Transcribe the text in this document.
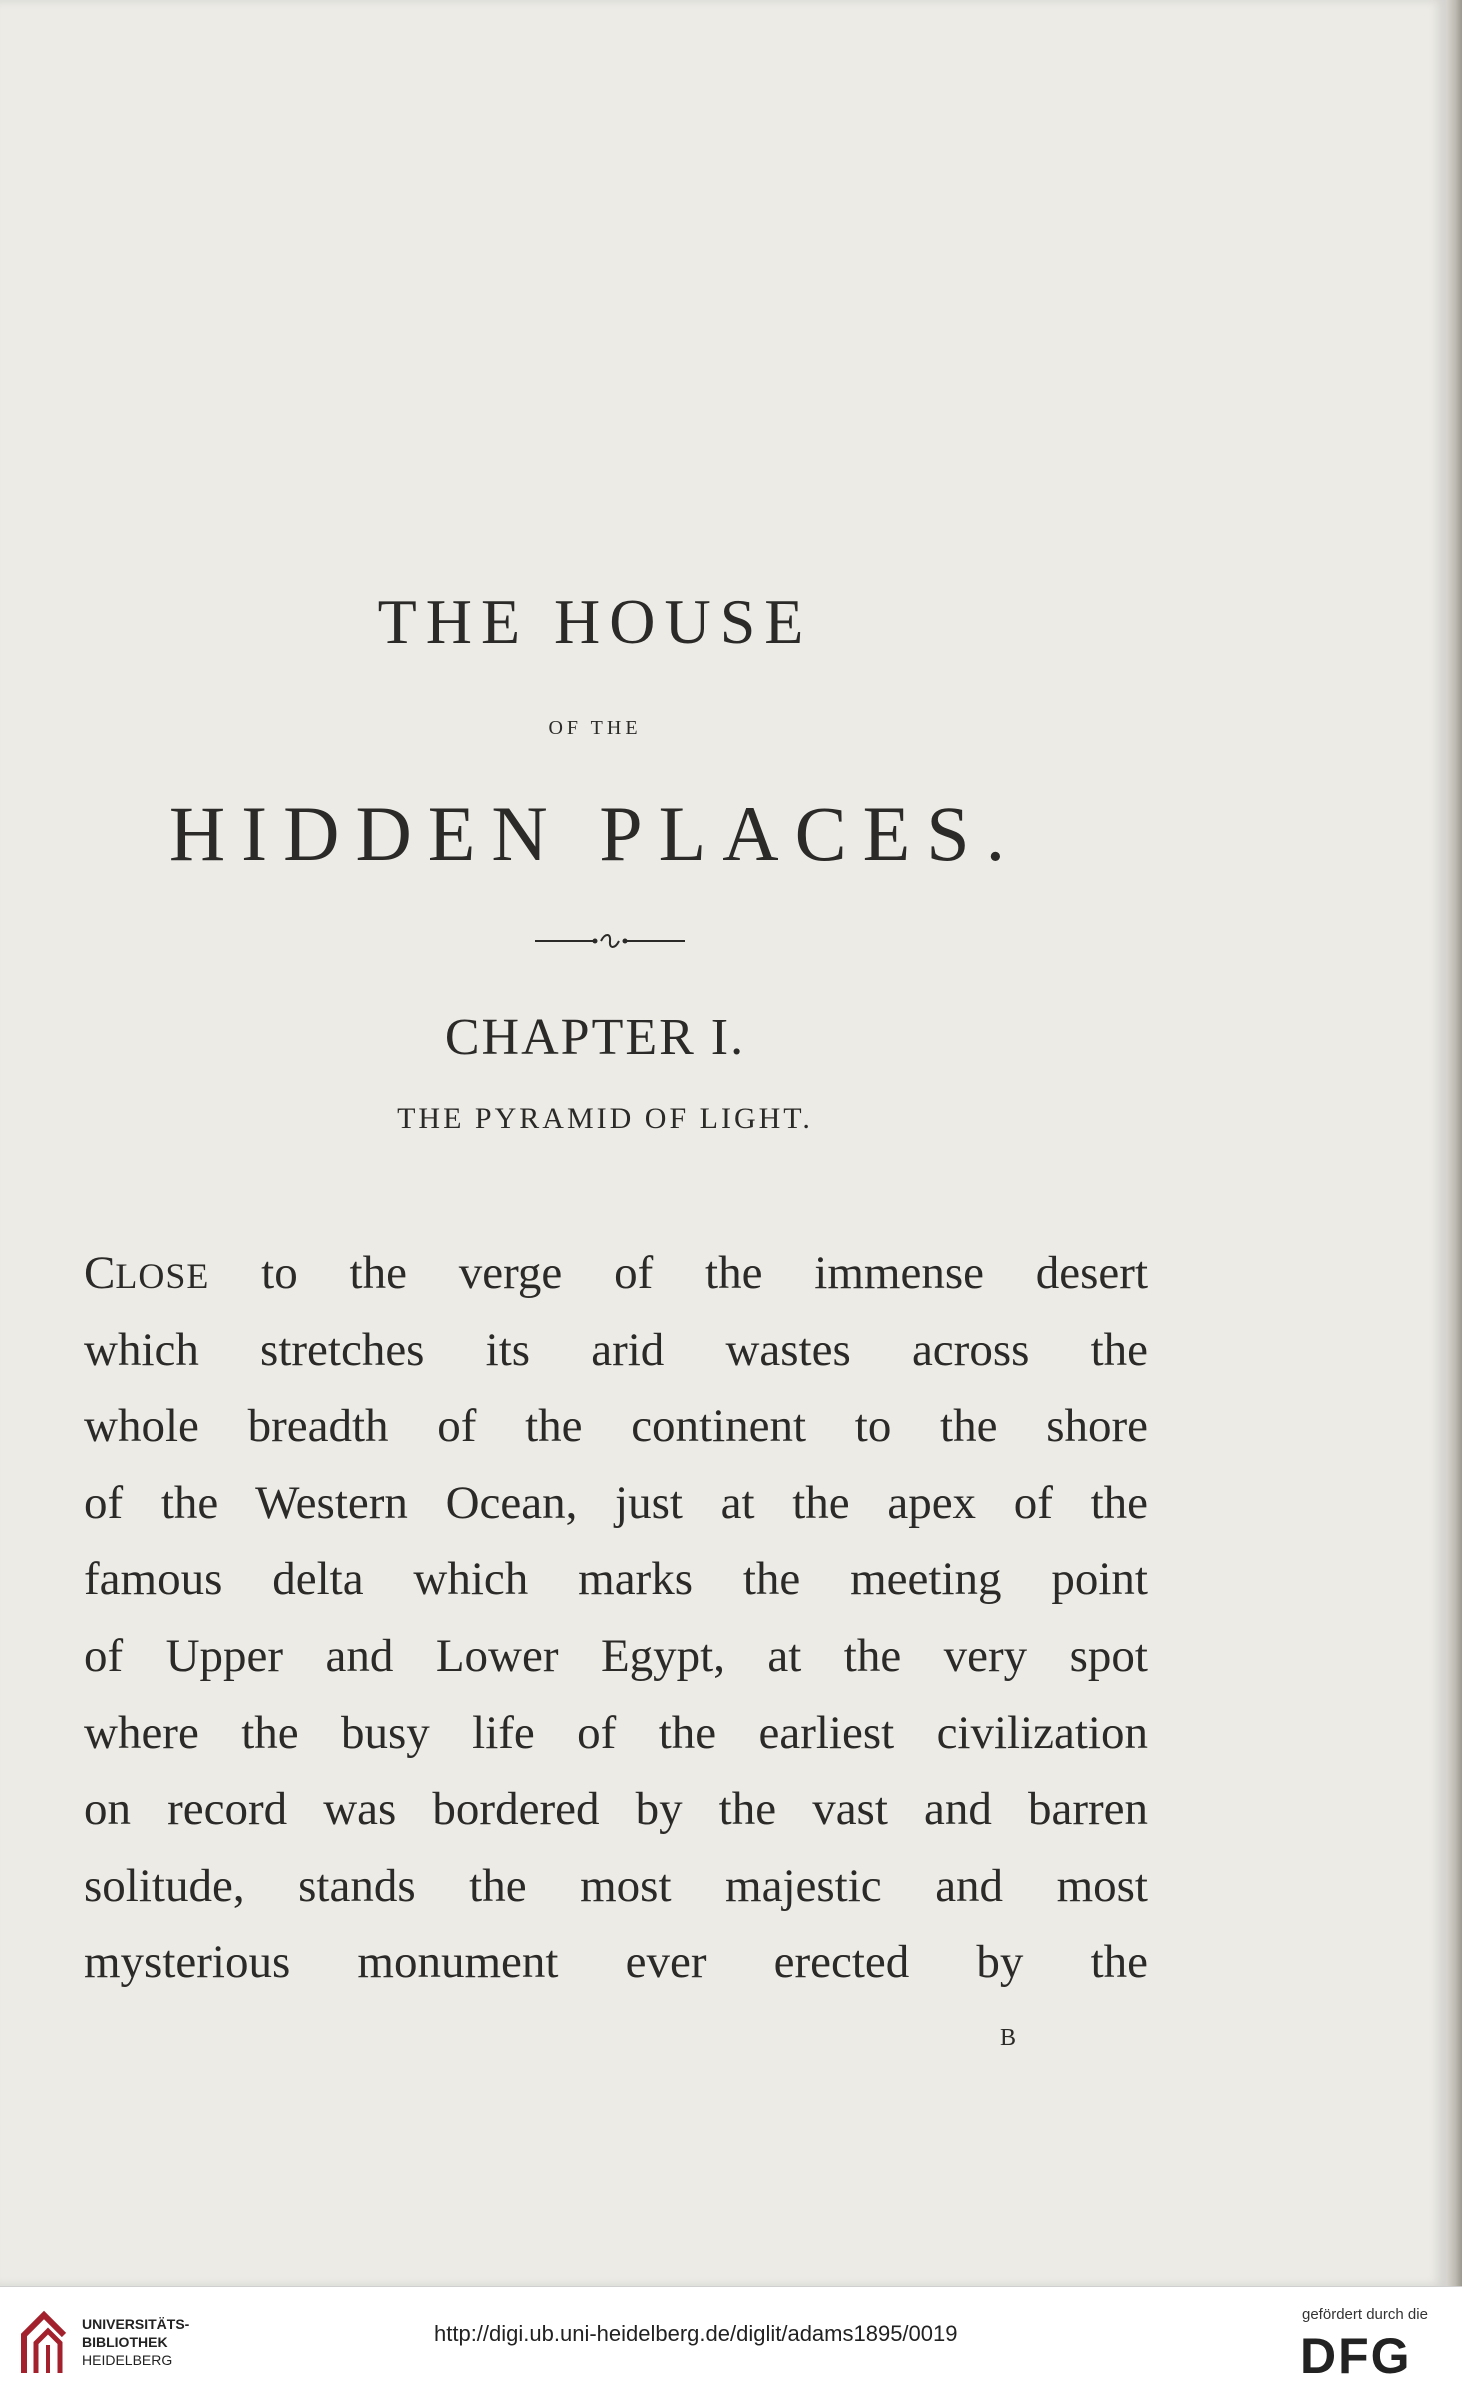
THE HOUSE
OF THE
HIDDEN PLACES.
CHAPTER I.
THE PYRAMID OF LIGHT.
CLOSE to the verge of the immense desert
which stretches its arid wastes across the
whole breadth of the continent to the shore
of the Western Ocean, just at the apex of the
famous delta which marks the meeting point
of Upper and Lower Egypt, at the very spot
where the busy life of the earliest civilization
on record was bordered by the vast and barren
solitude, stands the most majestic and most
mysterious monument ever erected by the
B
UNIVERSITÄTS-
BIBLIOTHEK
HEIDELBERG
http://digi.ub.uni-heidelberg.de/diglit/adams1895/0019
gefördert durch die
DFG
